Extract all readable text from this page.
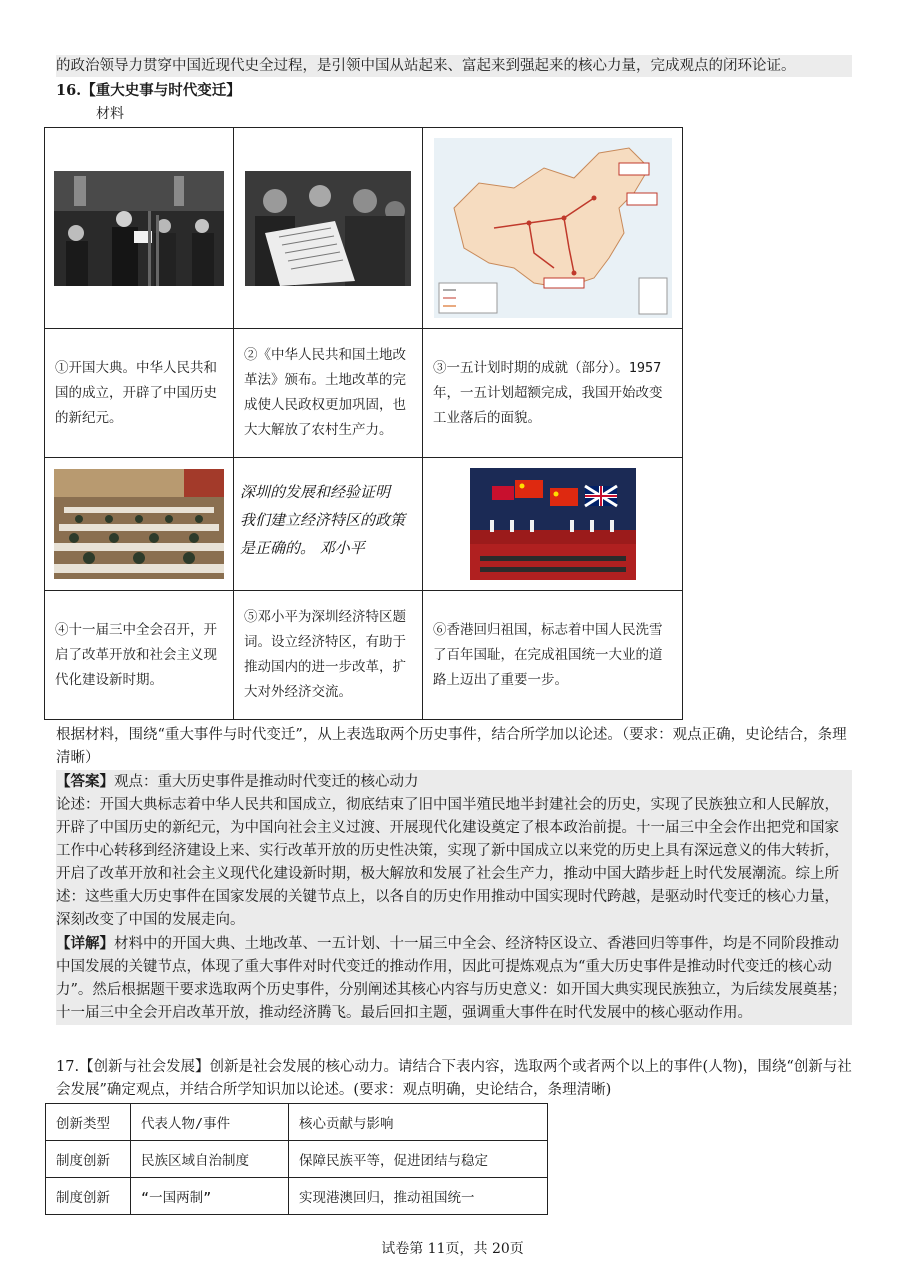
的政治领导力贯穿中国近现代史全过程，是引领中国从站起来、富起来到强起来的核心力量，完成观点的闭环论证。
16.【重大史事与时代变迁】
材料

①开国大典。中华人民共和国的成立，开辟了中国历史的新纪元。	②《中华人民共和国土地改革法》颁布。土地改革的完成使人民政权更加巩固，也大大解放了农村生产力。	③一五计划时期的成就（部分）。1957 年，一五计划超额完成，我国开始改变工业落后的面貌。

深圳的发展和经验证明
我们建立经济特区的政策
是正确的。 邓小平

④十一届三中全会召开，开启了改革开放和社会主义现代化建设新时期。	⑤邓小平为深圳经济特区题词。设立经济特区，有助于推动国内的进一步改革，扩大对外经济交流。	⑥香港回归祖国，标志着中国人民洗雪了百年国耻，在完成祖国统一大业的道路上迈出了重要一步。
根据材料，围绕“重大事件与时代变迁”，从上表选取两个历史事件，结合所学加以论述。（要求：观点正确，史论结合，条理清晰）

【答案】观点：重大历史事件是推动时代变迁的核心动力

论述：开国大典标志着中华人民共和国成立，彻底结束了旧中国半殖民地半封建社会的历史，实现了民族独立和人民解放，开辟了中国历史的新纪元，为中国向社会主义过渡、开展现代化建设奠定了根本政治前提。十一届三中全会作出把党和国家工作中心转移到经济建设上来、实行改革开放的历史性决策，实现了新中国成立以来党的历史上具有深远意义的伟大转折，开启了改革开放和社会主义现代化建设新时期，极大解放和发展了社会生产力，推动中国大踏步赶上时代发展潮流。综上所述：这些重大历史事件在国家发展的关键节点上，以各自的历史作用推动中国实现时代跨越，是驱动时代变迁的核心力量，深刻改变了中国的发展走向。

【详解】材料中的开国大典、土地改革、一五计划、十一届三中全会、经济特区设立、香港回归等事件，均是不同阶段推动中国发展的关键节点，体现了重大事件对时代变迁的推动作用，因此可提炼观点为“重大历史事件是推动时代变迁的核心动力”。然后根据题干要求选取两个历史事件，分别阐述其核心内容与历史意义：如开国大典实现民族独立，为后续发展奠基；十一届三中全会开启改革开放，推动经济腾飞。最后回扣主题，强调重大事件在时代发展中的核心驱动作用。

17.【创新与社会发展】创新是社会发展的核心动力。请结合下表内容，选取两个或者两个以上的事件(人物)，围绕“创新与社会发展”确定观点，并结合所学知识加以论述。(要求：观点明确，史论结合，条理清晰)
创新类型	代表人物/事件	核心贡献与影响
制度创新	民族区域自治制度	保障民族平等，促进团结与稳定
制度创新	“一国两制”	实现港澳回归，推动祖国统一
试卷第 11页，共 20页
